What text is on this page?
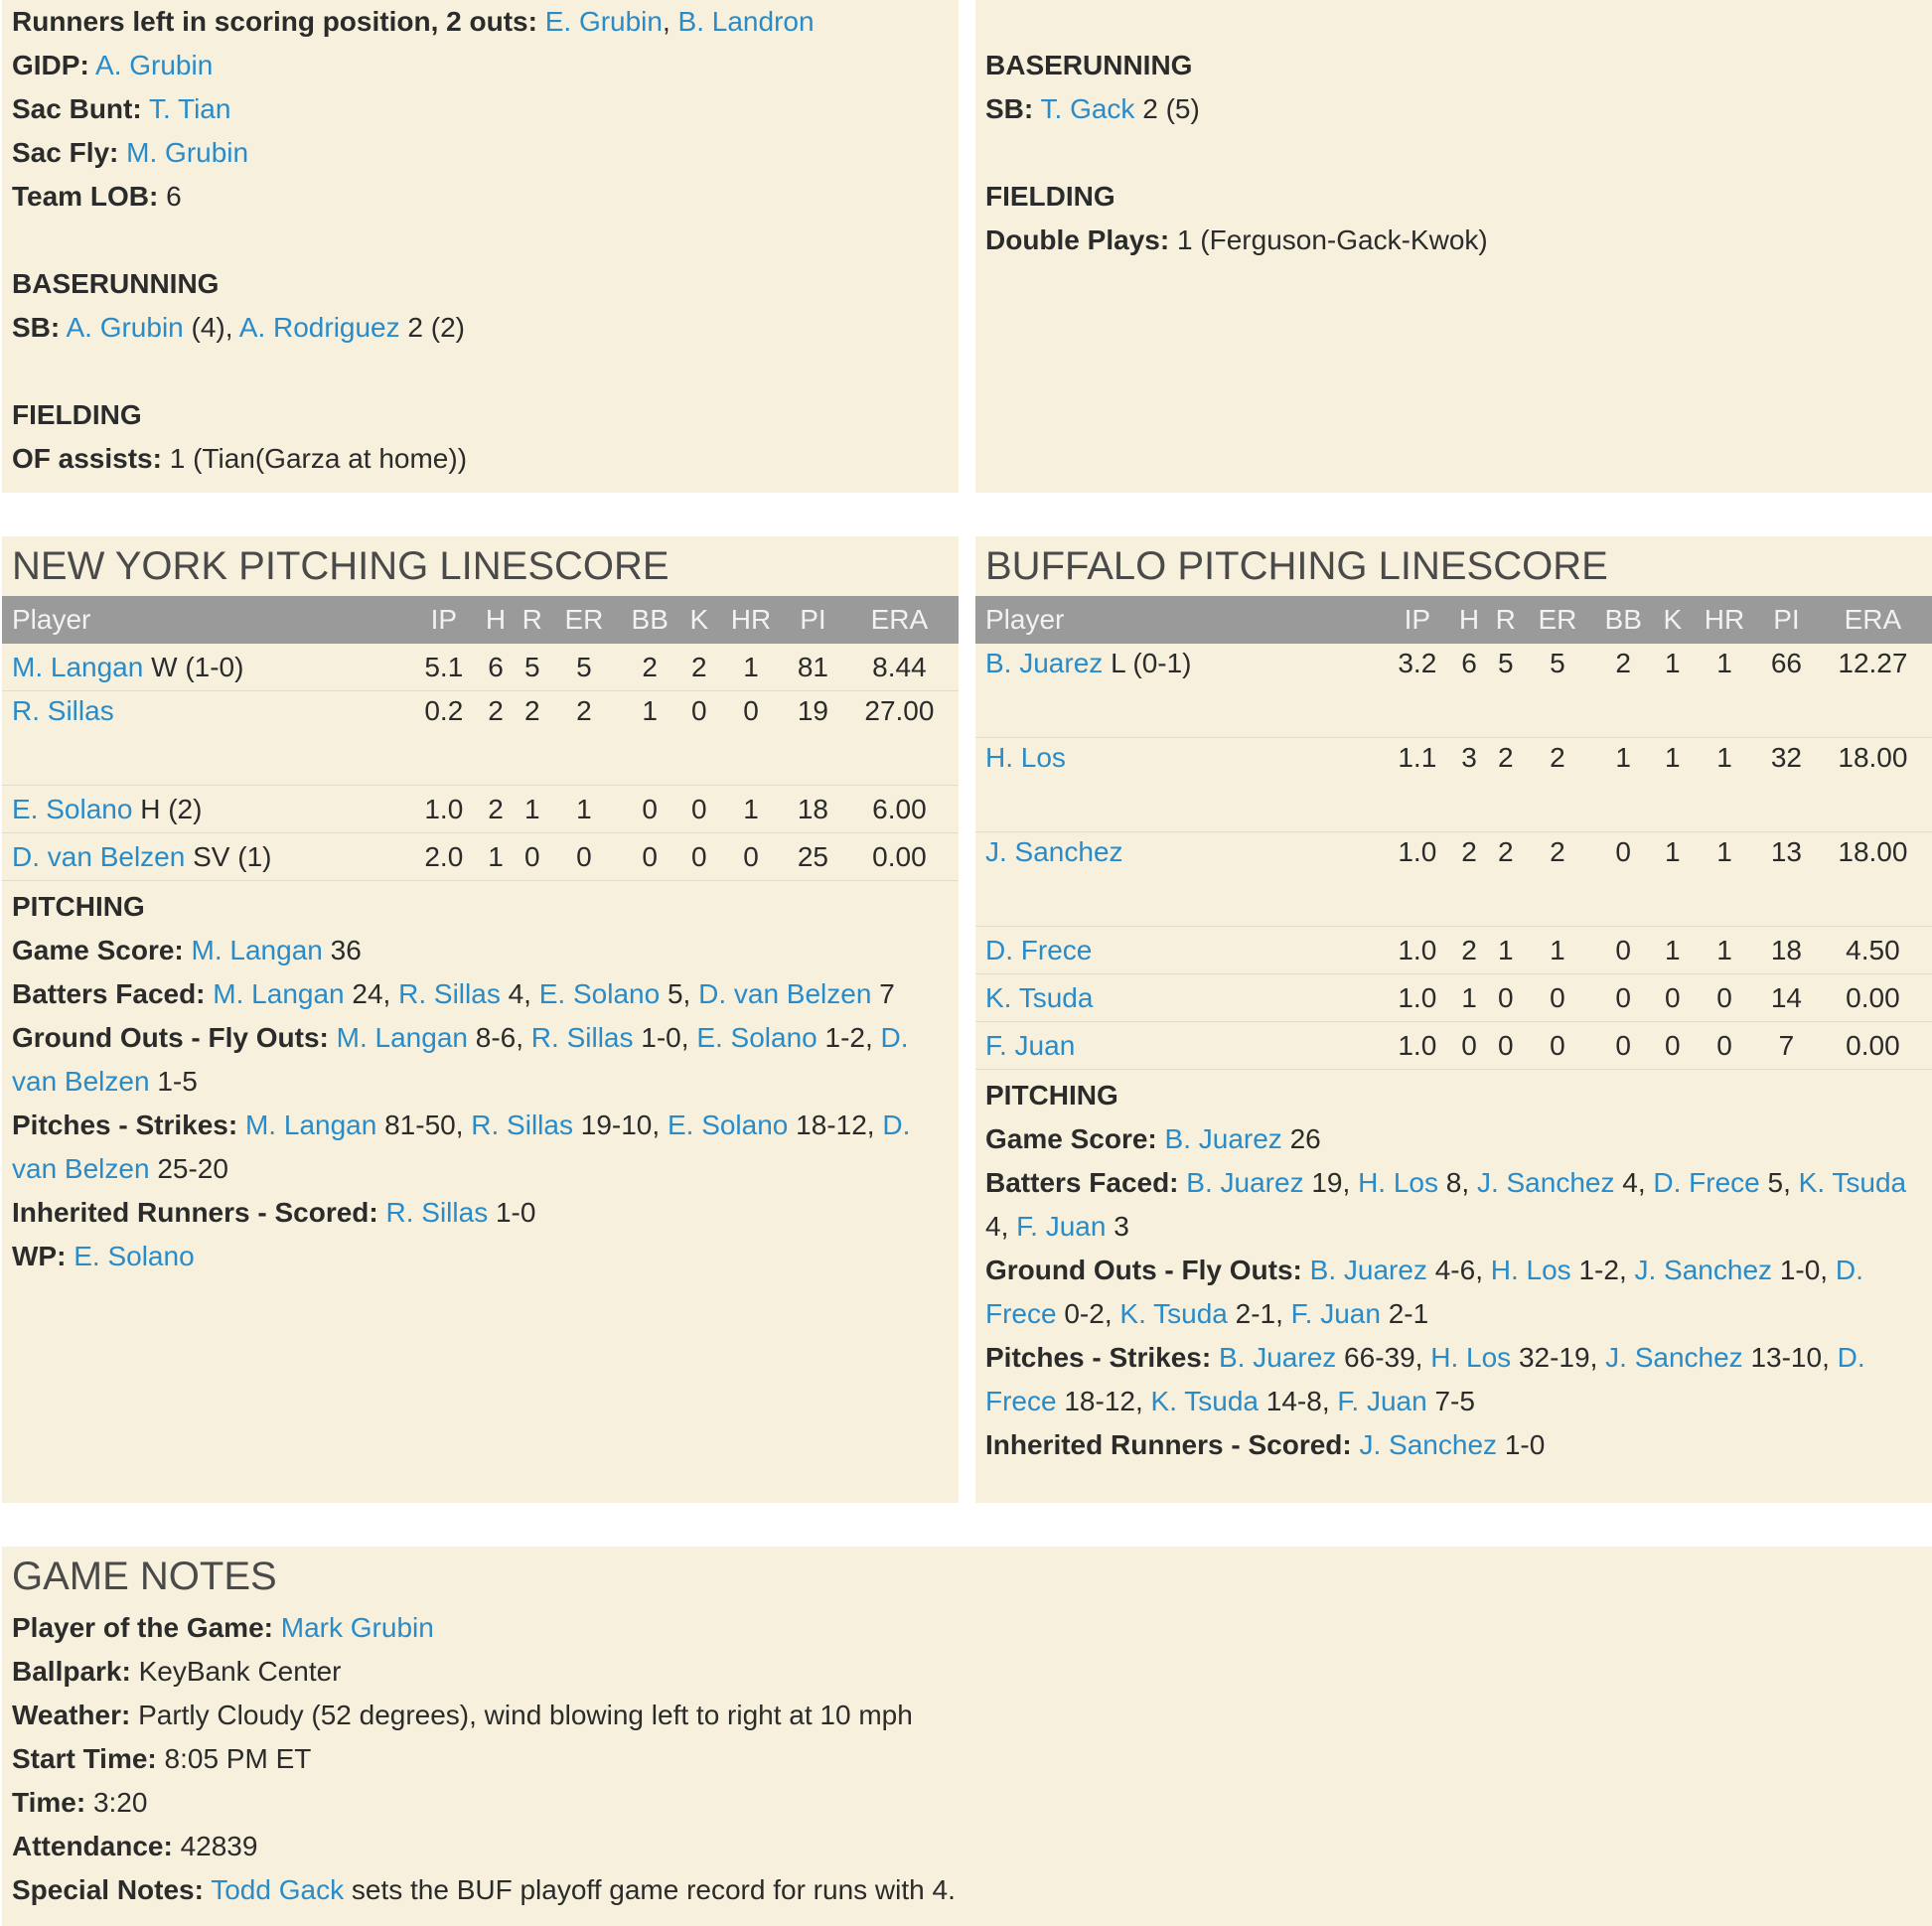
Runners left in scoring position, 2 outs: E. Grubin, B. Landron
GIDP: A. Grubin
Sac Bunt: T. Tian
Sac Fly: M. Grubin
Team LOB: 6
BASERUNNING
SB: A. Grubin (4), A. Rodriguez 2 (2)
FIELDING
OF assists: 1 (Tian(Garza at home))
BASERUNNING
SB: T. Gack 2 (5)
FIELDING
Double Plays: 1 (Ferguson-Gack-Kwok)
NEW YORK PITCHING LINESCORE
Player	IP	H	R	ER	BB	K	HR	PI	ERA
M. Langan W (1-0)	5.1	6	5	5	2	2	1	81	8.44
R. Sillas	0.2	2	2	2	1	0	0	19	27.00
E. Solano H (2)	1.0	2	1	1	0	0	1	18	6.00
D. van Belzen SV (1)	2.0	1	0	0	0	0	0	25	0.00
PITCHING
Game Score: M. Langan 36
Batters Faced: M. Langan 24, R. Sillas 4, E. Solano 5, D. van Belzen 7
Ground Outs - Fly Outs: M. Langan 8-6, R. Sillas 1-0, E. Solano 1-2, D. van Belzen 1-5
Pitches - Strikes: M. Langan 81-50, R. Sillas 19-10, E. Solano 18-12, D. van Belzen 25-20
Inherited Runners - Scored: R. Sillas 1-0
WP: E. Solano
BUFFALO PITCHING LINESCORE
Player	IP	H	R	ER	BB	K	HR	PI	ERA
B. Juarez L (0-1)	3.2	6	5	5	2	1	1	66	12.27
H. Los	1.1	3	2	2	1	1	1	32	18.00
J. Sanchez	1.0	2	2	2	0	1	1	13	18.00
D. Frece	1.0	2	1	1	0	1	1	18	4.50
K. Tsuda	1.0	1	0	0	0	0	0	14	0.00
F. Juan	1.0	0	0	0	0	0	0	7	0.00
PITCHING
Game Score: B. Juarez 26
Batters Faced: B. Juarez 19, H. Los 8, J. Sanchez 4, D. Frece 5, K. Tsuda 4, F. Juan 3
Ground Outs - Fly Outs: B. Juarez 4-6, H. Los 1-2, J. Sanchez 1-0, D. Frece 0-2, K. Tsuda 2-1, F. Juan 2-1
Pitches - Strikes: B. Juarez 66-39, H. Los 32-19, J. Sanchez 13-10, D. Frece 18-12, K. Tsuda 14-8, F. Juan 7-5
Inherited Runners - Scored: J. Sanchez 1-0
GAME NOTES
Player of the Game: Mark Grubin
Ballpark: KeyBank Center
Weather: Partly Cloudy (52 degrees), wind blowing left to right at 10 mph
Start Time: 8:05 PM ET
Time: 3:20
Attendance: 42839
Special Notes: Todd Gack sets the BUF playoff game record for runs with 4.
